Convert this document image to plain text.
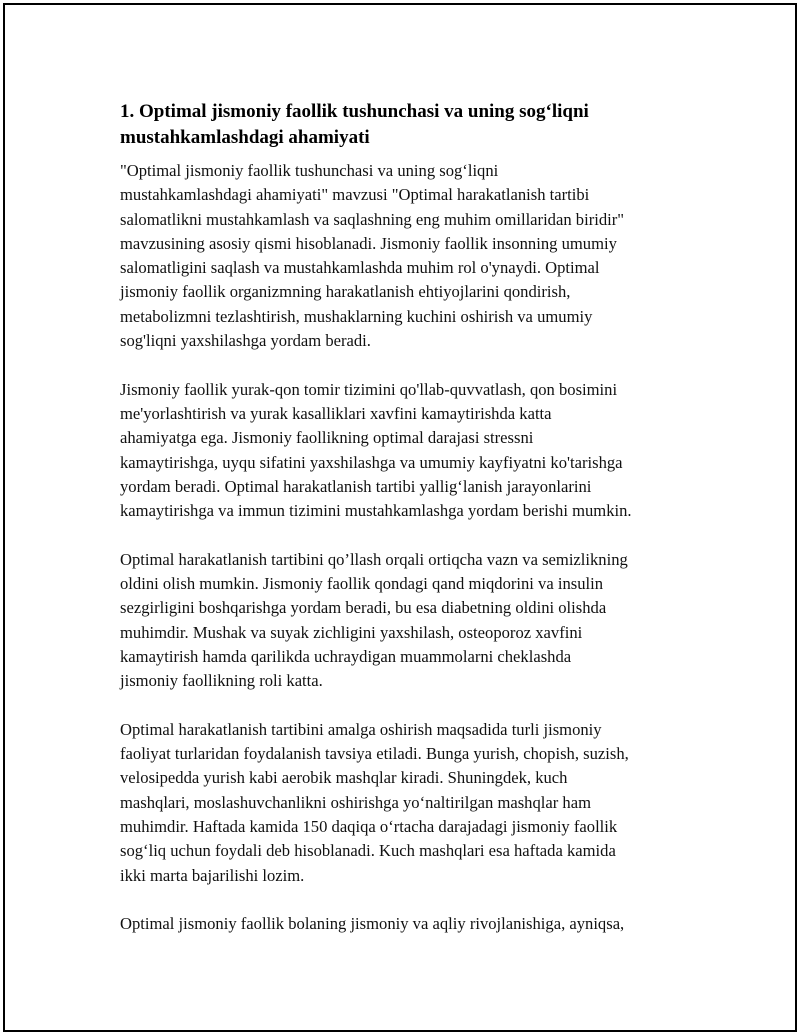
1. Optimal jismoniy faollik tushunchasi va uning sog‘liqni
mustahkamlashdagi ahamiyati

"Optimal jismoniy faollik tushunchasi va uning sog‘liqni
mustahkamlashdagi ahamiyati" mavzusi "Optimal harakatlanish tartibi
salomatlikni mustahkamlash va saqlashning eng muhim omillaridan biridir"
mavzusining asosiy qismi hisoblanadi. Jismoniy faollik insonning umumiy
salomatligini saqlash va mustahkamlashda muhim rol o'ynaydi. Optimal
jismoniy faollik organizmning harakatlanish ehtiyojlarini qondirish,
metabolizmni tezlashtirish, mushaklarning kuchini oshirish va umumiy
sog'liqni yaxshilashga yordam beradi.

Jismoniy faollik yurak-qon tomir tizimini qo'llab-quvvatlash, qon bosimini
me'yorlashtirish va yurak kasalliklari xavfini kamaytirishda katta
ahamiyatga ega. Jismoniy faollikning optimal darajasi stressni
kamaytirishga, uyqu sifatini yaxshilashga va umumiy kayfiyatni ko'tarishga
yordam beradi. Optimal harakatlanish tartibi yallig‘lanish jarayonlarini
kamaytirishga va immun tizimini mustahkamlashga yordam berishi mumkin.

Optimal harakatlanish tartibini qo’llash orqali ortiqcha vazn va semizlikning
oldini olish mumkin. Jismoniy faollik qondagi qand miqdorini va insulin
sezgirligini boshqarishga yordam beradi, bu esa diabetning oldini olishda
muhimdir. Mushak va suyak zichligini yaxshilash, osteoporoz xavfini
kamaytirish hamda qarilikda uchraydigan muammolarni cheklashda
jismoniy faollikning roli katta.

Optimal harakatlanish tartibini amalga oshirish maqsadida turli jismoniy
faoliyat turlaridan foydalanish tavsiya etiladi. Bunga yurish, chopish, suzish,
velosipedda yurish kabi aerobik mashqlar kiradi. Shuningdek, kuch
mashqlari, moslashuvchanlikni oshirishga yo‘naltirilgan mashqlar ham
muhimdir. Haftada kamida 150 daqiqa o‘rtacha darajadagi jismoniy faollik
sog‘liq uchun foydali deb hisoblanadi. Kuch mashqlari esa haftada kamida
ikki marta bajarilishi lozim.

Optimal jismoniy faollik bolaning jismoniy va aqliy rivojlanishiga, ayniqsa,
